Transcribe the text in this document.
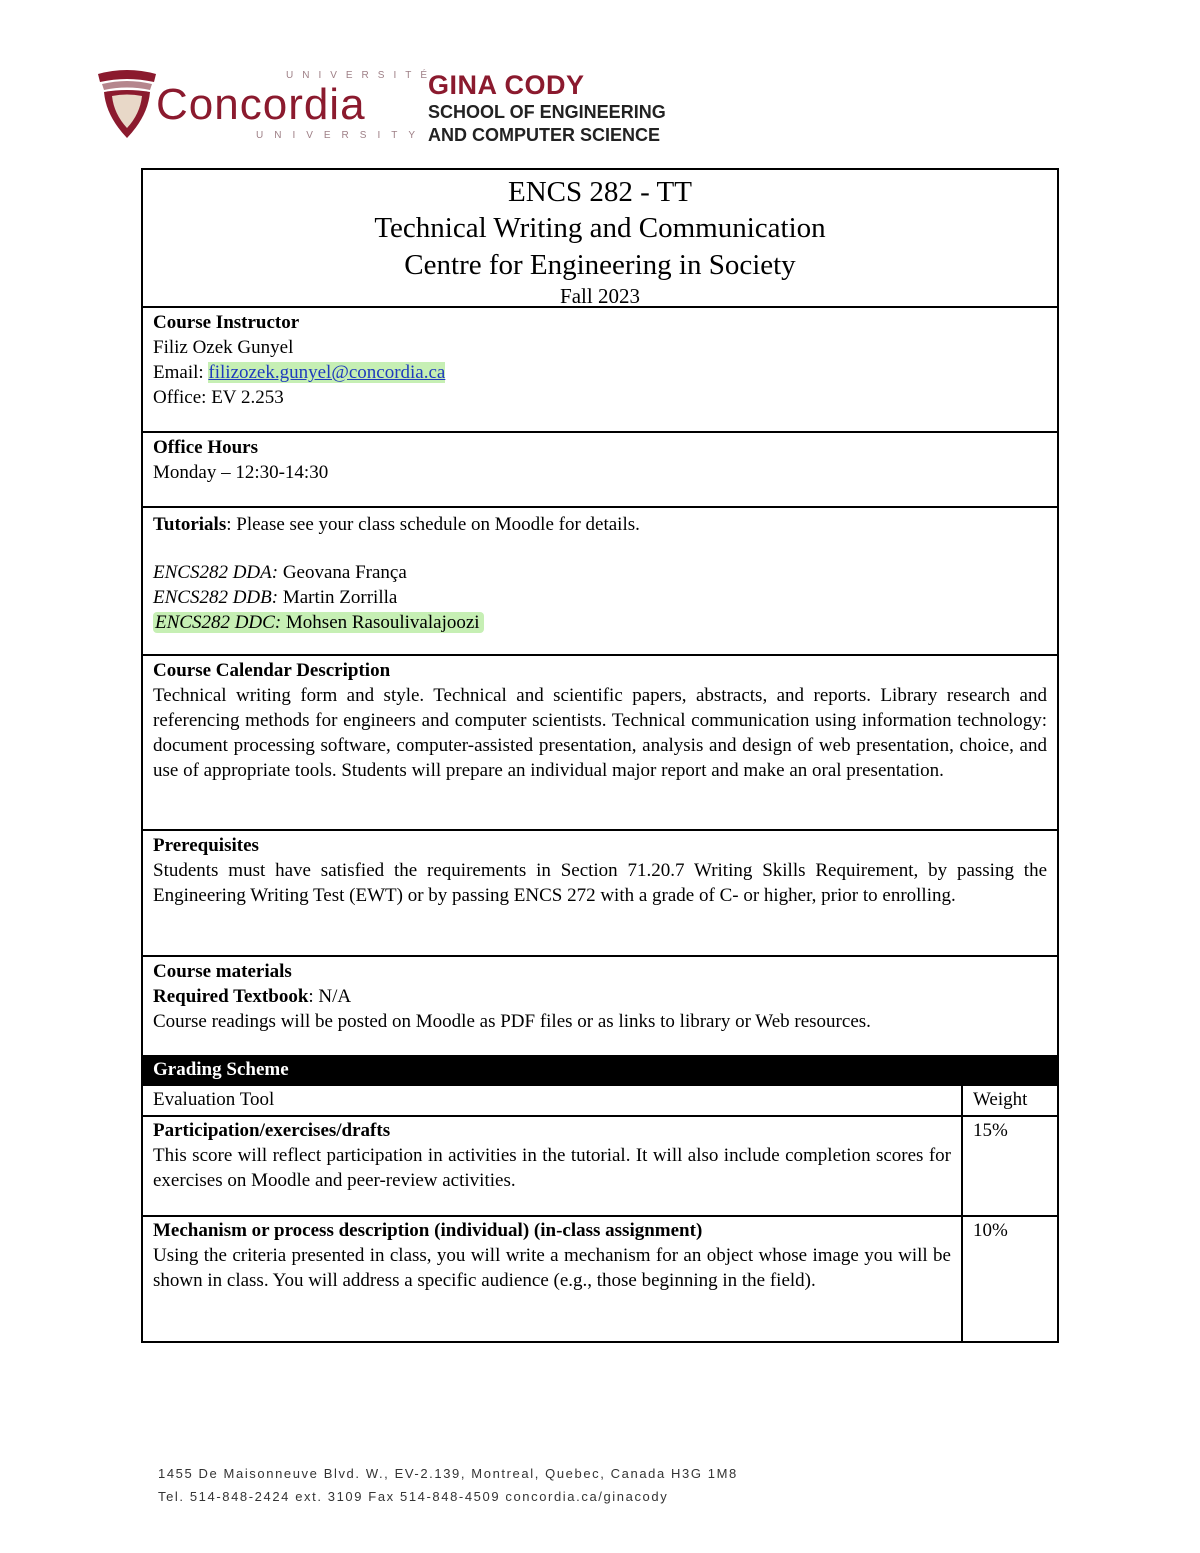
UNIVERSITÉ
Concordia
UNIVERSITY
GINA CODY
SCHOOL OF ENGINEERING
AND COMPUTER SCIENCE
ENCS 282 - TT
Technical Writing and Communication
Centre for Engineering in Society
Fall 2023
Course Instructor
Filiz Ozek Gunyel
Email: filizozek.gunyel@concordia.ca
Office: EV 2.253
Office Hours
Monday – 12:30-14:30
Tutorials: Please see your class schedule on Moodle for details.
ENCS282 DDA: Geovana França
ENCS282 DDB: Martin Zorrilla
ENCS282 DDC: Mohsen Rasoulivalajoozi
Course Calendar Description
Technical writing form and style. Technical and scientific papers, abstracts, and reports. Library research and referencing methods for engineers and computer scientists. Technical communication using information technology: document processing software, computer-assisted presentation, analysis and design of web presentation, choice, and use of appropriate tools. Students will prepare an individual major report and make an oral presentation.
Prerequisites
Students must have satisfied the requirements in Section 71.20.7 Writing Skills Requirement, by passing the Engineering Writing Test (EWT) or by passing ENCS 272 with a grade of C- or higher, prior to enrolling.
Course materials
Required Textbook: N/A
Course readings will be posted on Moodle as PDF files or as links to library or Web resources.
Grading Scheme
Evaluation Tool	Weight
Participation/exercises/drafts
This score will reflect participation in activities in the tutorial. It will also include completion scores for exercises on Moodle and peer-review activities.
15%
Mechanism or process description (individual) (in-class assignment)
Using the criteria presented in class, you will write a mechanism for an object whose image you will be shown in class. You will address a specific audience (e.g., those beginning in the field).
10%
1455 De Maisonneuve Blvd. W., EV-2.139, Montreal, Quebec, Canada H3G 1M8
Tel. 514-848-2424 ext. 3109 Fax 514-848-4509 concordia.ca/ginacody
